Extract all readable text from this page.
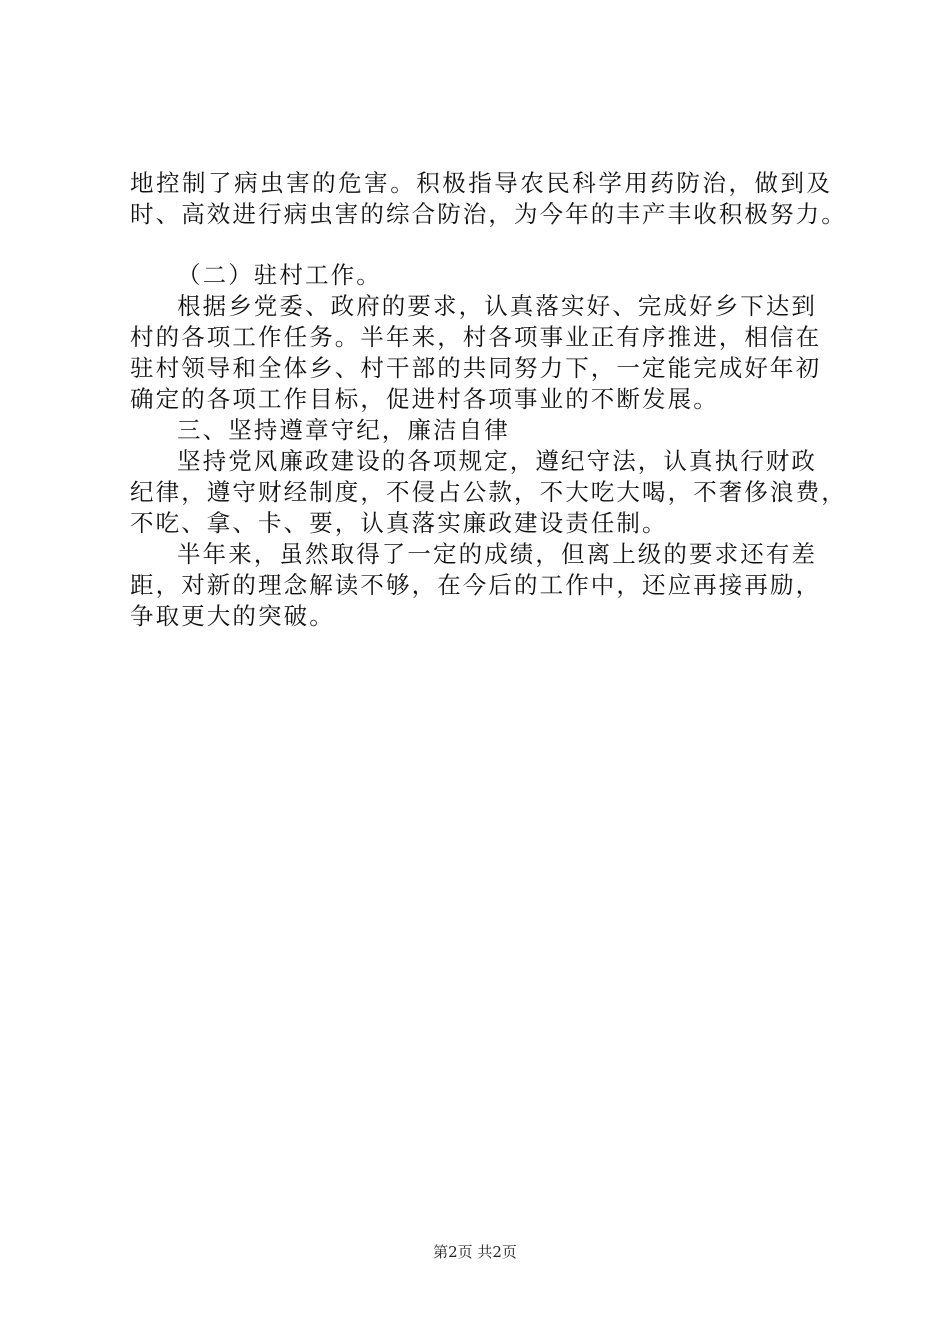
地控制了病虫害的危害。积极指导农民科学用药防治，做到及
时、高效进行病虫害的综合防治，为今年的丰产丰收积极努力。
（二）驻村工作。
根据乡党委、政府的要求，认真落实好、完成好乡下达到
村的各项工作任务。半年来，村各项事业正有序推进，相信在
驻村领导和全体乡、村干部的共同努力下，一定能完成好年初
确定的各项工作目标，促进村各项事业的不断发展。
三、坚持遵章守纪，廉洁自律
坚持党风廉政建设的各项规定，遵纪守法，认真执行财政
纪律，遵守财经制度，不侵占公款，不大吃大喝，不奢侈浪费，
不吃、拿、卡、要，认真落实廉政建设责任制。
半年来，虽然取得了一定的成绩，但离上级的要求还有差
距，对新的理念解读不够，在今后的工作中，还应再接再励，
争取更大的突破。
第2页 共2页
